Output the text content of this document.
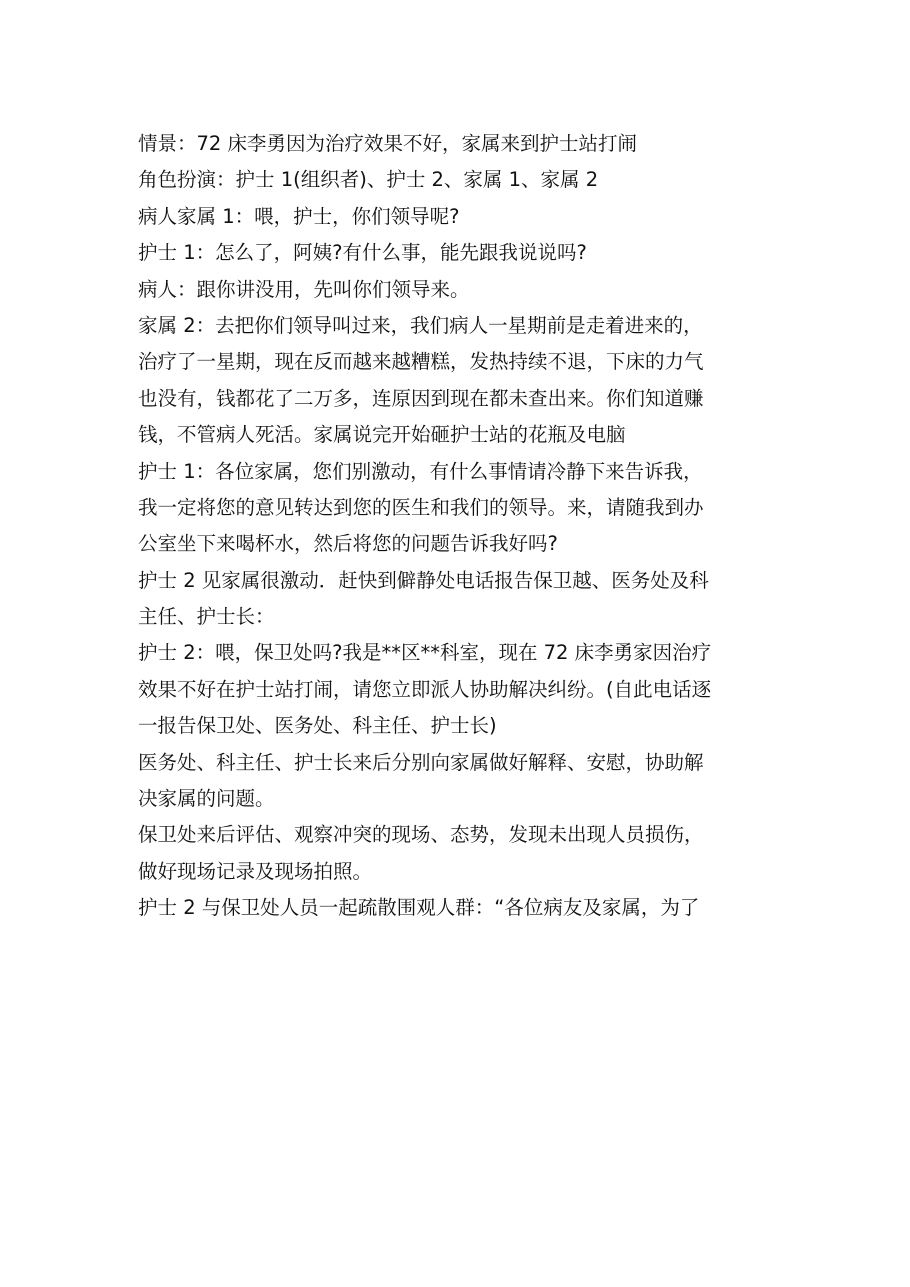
情景：72 床李勇因为治疗效果不好，家属来到护士站打闹

角色扮演：护士 1(组织者)、护士 2、家属 1、家属 2

病人家属 1：喂，护士，你们领导呢?

护士 1：怎么了，阿姨?有什么事，能先跟我说说吗?

病人：跟你讲没用，先叫你们领导来。

家属 2：去把你们领导叫过来，我们病人一星期前是走着进来的，
治疗了一星期，现在反而越来越糟糕，发热持续不退，下床的力气
也没有，钱都花了二万多，连原因到现在都未查出来。你们知道赚
钱，不管病人死活。家属说完开始砸护士站的花瓶及电脑

护士 1：各位家属，您们别激动，有什么事情请冷静下来告诉我，
我一定将您的意见转达到您的医生和我们的领导。来，请随我到办
公室坐下来喝杯水，然后将您的问题告诉我好吗?

护士 2 见家属很激动．赶快到僻静处电话报告保卫越、医务处及科
主任、护士长：

护士 2：喂，保卫处吗?我是**区**科室，现在 72 床李勇家因治疗
效果不好在护士站打闹，请您立即派人协助解决纠纷。(自此电话逐
一报告保卫处、医务处、科主任、护士长)

医务处、科主任、护士长来后分别向家属做好解释、安慰，协助解
决家属的问题。

保卫处来后评估、观察冲突的现场、态势，发现未出现人员损伤，
做好现场记录及现场拍照。

护士 2 与保卫处人员一起疏散围观人群：“各位病友及家属，为了
